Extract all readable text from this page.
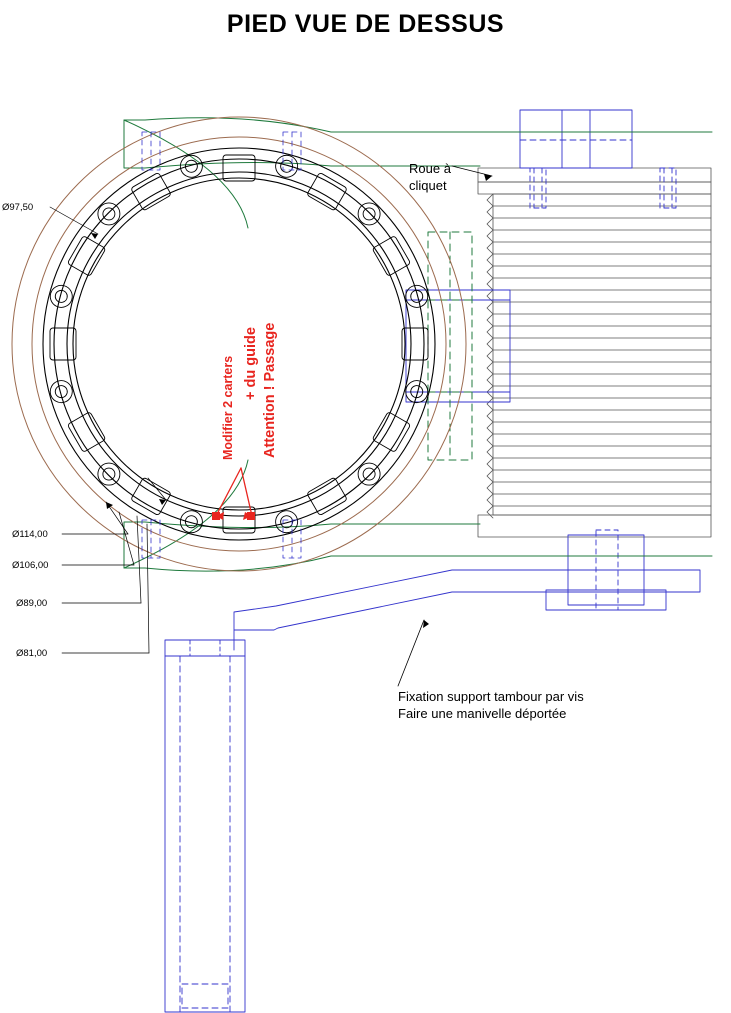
PIED VUE DE DESSUS
Ø97,50
Ø114,00
Ø106,00
Ø89,00
Ø81,00
Roue à
cliquet
Fixation support tambour par vis
Faire une manivelle déportée
Attention ! Passage
+ du guide
Modifier 2 carters
